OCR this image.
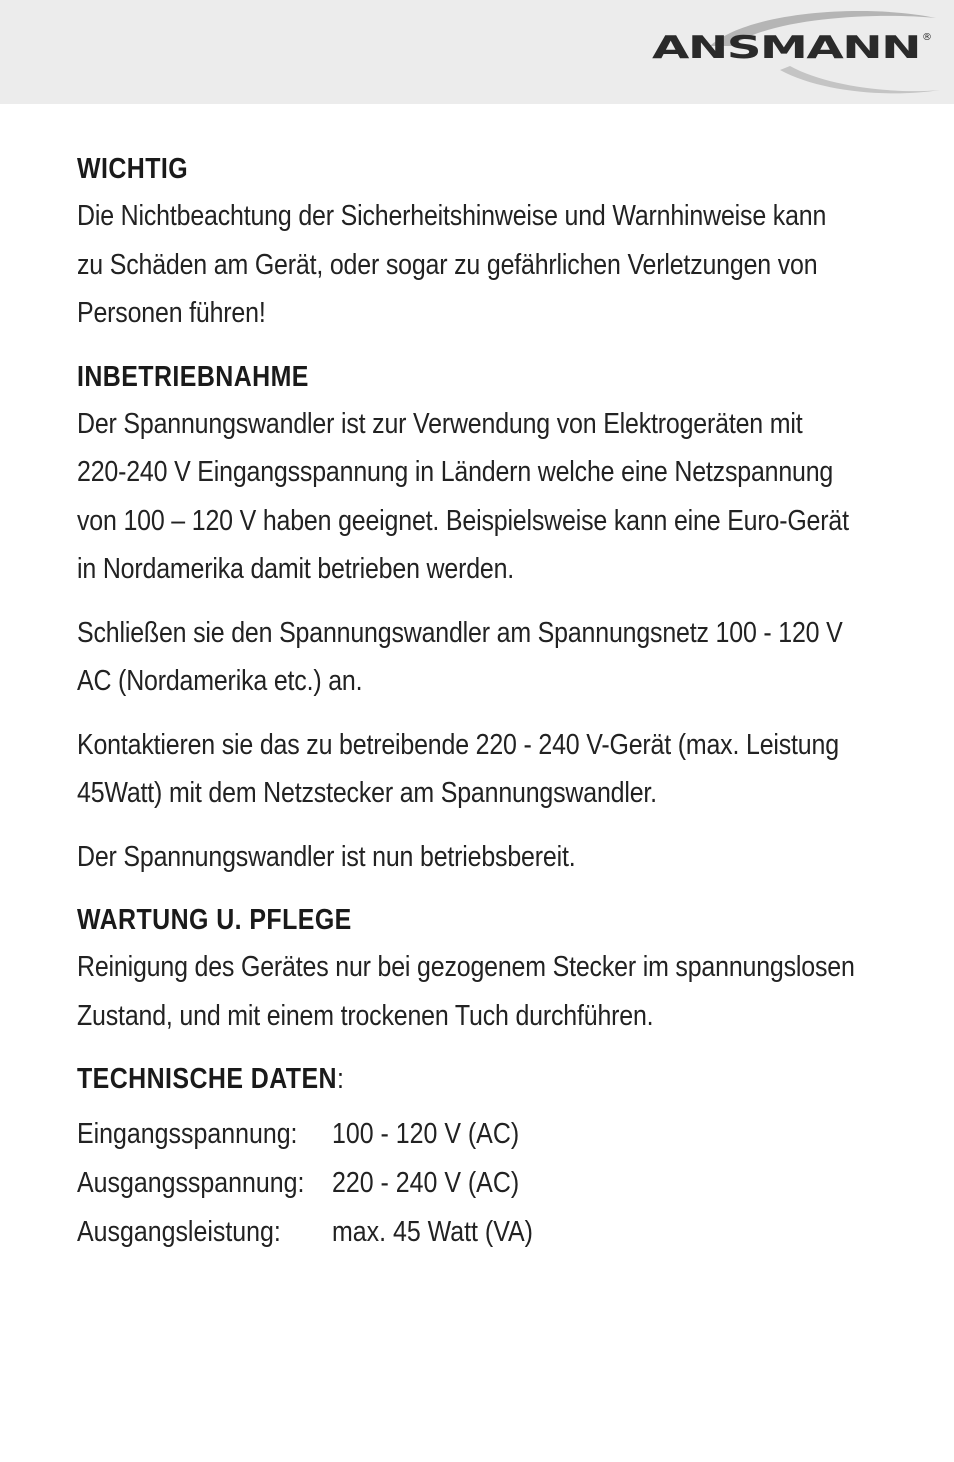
ANSMANN ®
WICHTIG

Die Nichtbeachtung der Sicherheitshinweise und Warnhinweise kann
zu Schäden am Gerät, oder sogar zu gefährlichen Verletzungen von
Personen führen!

INBETRIEBNAHME

Der Spannungswandler ist zur Verwendung von Elektrogeräten mit
220-240 V Eingangsspannung in Ländern welche eine Netzspannung
von 100 – 120 V haben geeignet. Beispielsweise kann eine Euro-Gerät
in Nordamerika damit betrieben werden.

Schließen sie den Spannungswandler am Spannungsnetz 100 - 120 V
AC (Nordamerika etc.) an.

Kontaktieren sie das zu betreibende 220 - 240 V-Gerät (max. Leistung
45Watt) mit dem Netzstecker am Spannungswandler.

Der Spannungswandler ist nun betriebsbereit.

WARTUNG U. PFLEGE

Reinigung des Gerätes nur bei gezogenem Stecker im spannungslosen
Zustand, und mit einem trockenen Tuch durchführen.

TECHNISCHE DATEN:
Eingangsspannung: 100 - 120 V (AC)
Ausgangsspannung: 220 - 240 V (AC)
Ausgangsleistung: max. 45 Watt (VA)
